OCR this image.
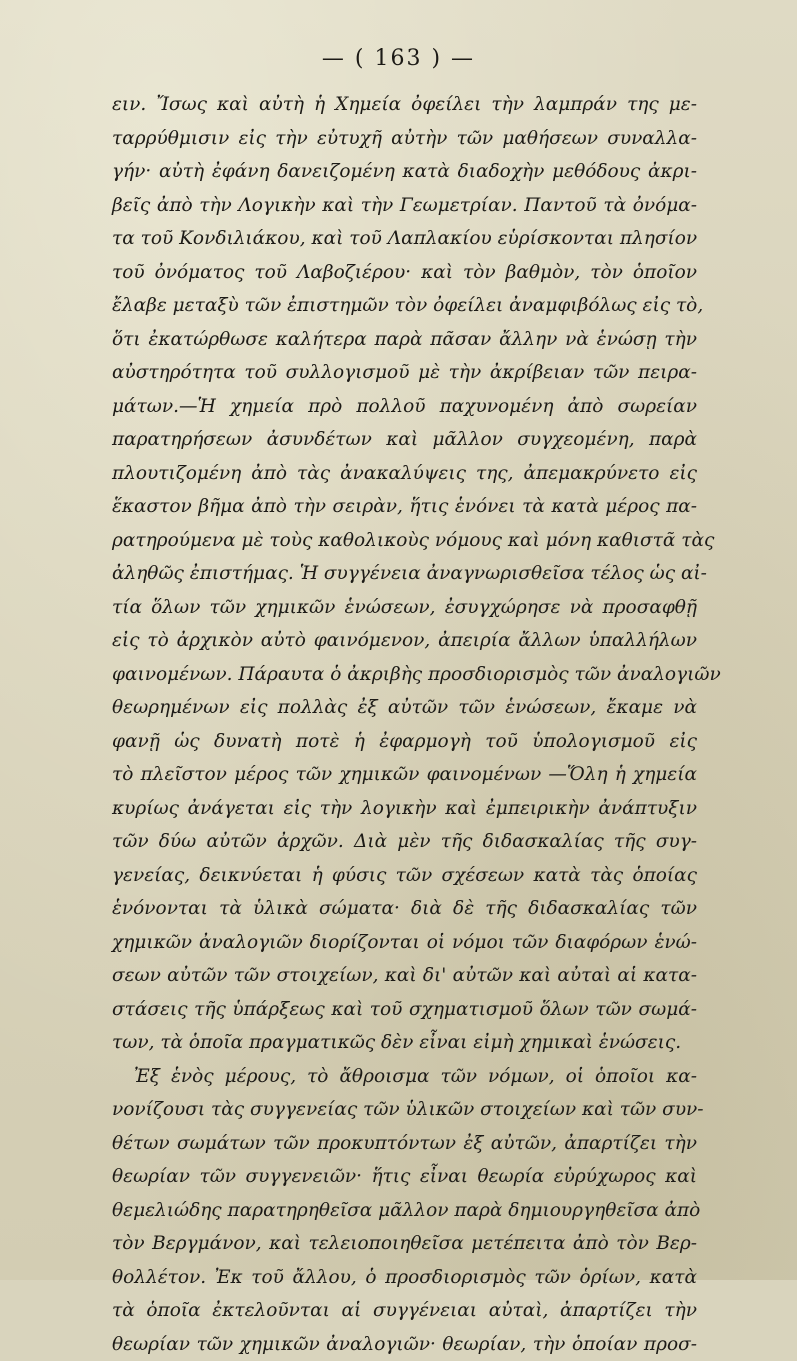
— ( 163 ) —
ειν. Ἴσως καὶ αὐτὴ ἡ Χημεία ὀφείλει τὴν λαμπράν της με-
ταρρύθμισιν εἰς τὴν εὐτυχῆ αὐτὴν τῶν μαθήσεων συναλλα-
γήν· αὐτὴ ἐφάνη δανειζομένη κατὰ διαδοχὴν μεθόδους ἀκρι-
βεῖς ἀπὸ τὴν Λογικὴν καὶ τὴν Γεωμετρίαν. Παντοῦ τὰ ὀνόμα-
τα τοῦ Κονδιλιάκου, καὶ τοῦ Λαπλακίου εὑρίσκονται πλησίον
τοῦ ὀνόματος τοῦ Λαβοζιέρου· καὶ τὸν βαθμὸν, τὸν ὁποῖον
ἔλαβε μεταξὺ τῶν ἐπιστημῶν τὸν ὀφείλει ἀναμφιβόλως εἰς τὸ,
ὅτι ἐκατώρθωσε καλήτερα παρὰ πᾶσαν ἄλλην νὰ ἑνώσῃ τὴν
αὐστηρότητα τοῦ συλλογισμοῦ μὲ τὴν ἀκρίβειαν τῶν πειρα-
μάτων.—Ἡ χημεία πρὸ πολλοῦ παχυνομένη ἀπὸ σωρείαν
παρατηρήσεων ἀσυνδέτων καὶ μᾶλλον συγχεομένη, παρὰ
πλουτιζομένη ἀπὸ τὰς ἀνακαλύψεις της, ἀπεμακρύνετο εἰς
ἕκαστον βῆμα ἀπὸ τὴν σειρὰν, ἥτις ἑνόνει τὰ κατὰ μέρος πα-
ρατηρούμενα μὲ τοὺς καθολικοὺς νόμους καὶ μόνη καθιστᾶ τὰς
ἀληθῶς ἐπιστήμας. Ἡ συγγένεια ἀναγνωρισθεῖσα τέλος ὡς αἰ-
τία ὅλων τῶν χημικῶν ἑνώσεων, ἐσυγχώρησε νὰ προσαφθῇ
εἰς τὸ ἀρχικὸν αὐτὸ φαινόμενον, ἀπειρία ἄλλων ὑπαλλήλων
φαινομένων. Πάραυτα ὁ ἀκριβὴς προσδιορισμὸς τῶν ἀναλογιῶν
θεωρημένων εἰς πολλὰς ἐξ αὐτῶν τῶν ἑνώσεων, ἔκαμε νὰ
φανῇ ὡς δυνατὴ ποτὲ ἡ ἐφαρμογὴ τοῦ ὑπολογισμοῦ εἰς
τὸ πλεῖστον μέρος τῶν χημικῶν φαινομένων —Ὅλη ἡ χημεία
κυρίως ἀνάγεται εἰς τὴν λογικὴν καὶ ἐμπειρικὴν ἀνάπτυξιν
τῶν δύω αὐτῶν ἀρχῶν. Διὰ μὲν τῆς διδασκαλίας τῆς συγ-
γενείας, δεικνύεται ἡ φύσις τῶν σχέσεων κατὰ τὰς ὁποίας
ἑνόνονται τὰ ὑλικὰ σώματα· διὰ δὲ τῆς διδασκαλίας τῶν
χημικῶν ἀναλογιῶν διορίζονται οἱ νόμοι τῶν διαφόρων ἑνώ-
σεων αὐτῶν τῶν στοιχείων, καὶ δι' αὐτῶν καὶ αὐταὶ αἱ κατα-
στάσεις τῆς ὑπάρξεως καὶ τοῦ σχηματισμοῦ ὅλων τῶν σωμά-
των, τὰ ὁποῖα πραγματικῶς δὲν εἶναι εἰμὴ χημικαὶ ἑνώσεις.
Ἐξ ἑνὸς μέρους, τὸ ἄθροισμα τῶν νόμων, οἱ ὁποῖοι κα-
νονίζουσι τὰς συγγενείας τῶν ὑλικῶν στοιχείων καὶ τῶν συν-
θέτων σωμάτων τῶν προκυπτόντων ἐξ αὐτῶν, ἀπαρτίζει τὴν
θεωρίαν τῶν συγγενειῶν· ἥτις εἶναι θεωρία εὐρύχωρος καὶ
θεμελιώδης παρατηρηθεῖσα μᾶλλον παρὰ δημιουργηθεῖσα ἀπὸ
τὸν Βεργμάνον, καὶ τελειοποιηθεῖσα μετέπειτα ἀπὸ τὸν Βερ-
θολλέτον. Ἐκ τοῦ ἄλλου, ὁ προσδιορισμὸς τῶν ὁρίων, κατὰ
τὰ ὁποῖα ἐκτελοῦνται αἱ συγγένειαι αὐταὶ, ἀπαρτίζει τὴν
θεωρίαν τῶν χημικῶν ἀναλογιῶν· θεωρίαν, τὴν ὁποίαν προσ-
